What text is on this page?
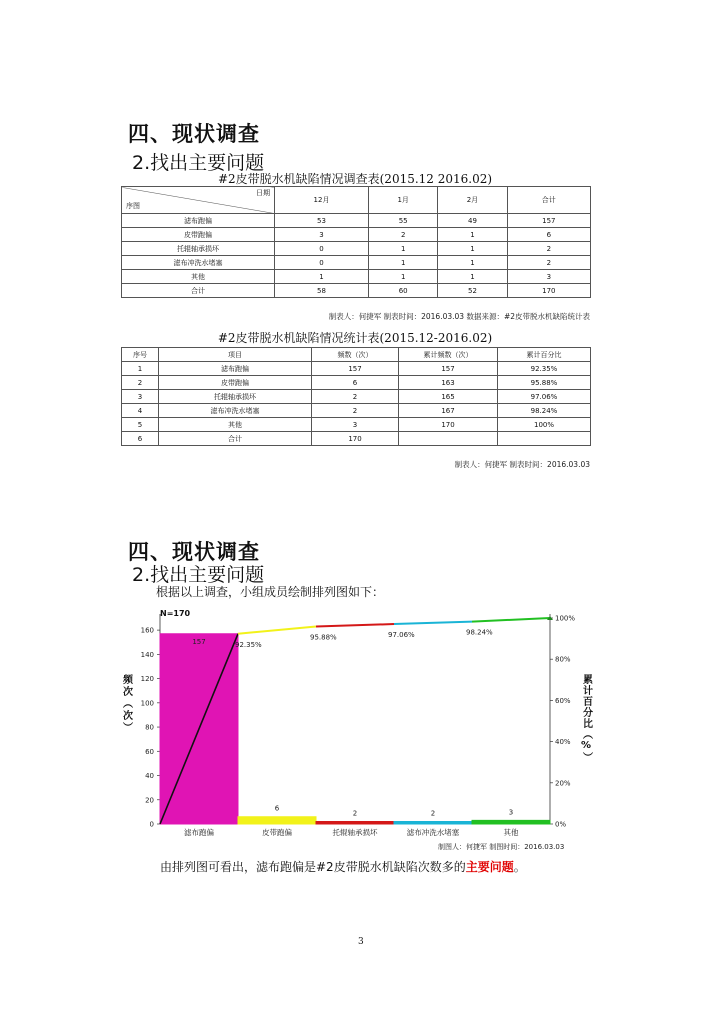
四、现状调查
2.找出主要问题
#2皮带脱水机缺陷情况调查表(2015.12 2016.02)
日期
序图	12月	1月	2月	合计
滤布跑偏	53	55	49	157
皮带跑偏	3	2	1	6
托辊轴承损坏	0	1	1	2
滤布冲洗水堵塞	0	1	1	2
其他	1	1	1	3
合计	58	60	52	170
制表人：何捷军 制表时间：2016.03.03 数据来源：#2皮带脱水机缺陷统计表
#2皮带脱水机缺陷情况统计表(2015.12-2016.02)
序号	项目	频数（次）	累计频数（次）	累计百分比
1	滤布跑偏	157	157	92.35%
2	皮带跑偏	6	163	95.88%
3	托辊轴承损坏	2	165	97.06%
4	滤布冲洗水堵塞	2	167	98.24%
5	其他	3	170	100%
6	合计	170		
制表人：何捷军 制表时间：2016.03.03
四、现状调查
2.找出主要问题
根据以上调查，小组成员绘制排列图如下：
0
20
40
60
80
100
120
140
160
0%
20%
40%
60%
80%
100%
N=170
频次（次）	累计百分比（%）
157
滤布跑偏
6
皮带跑偏
2
托辊轴承损坏
2
滤布冲洗水堵塞
3
其他
92.35%
95.88%	97.06%	98.24%
制图人：何捷军 制图时间：2016.03.03
由排列图可看出，滤布跑偏是#2皮带脱水机缺陷次数多的主要问题。
3
